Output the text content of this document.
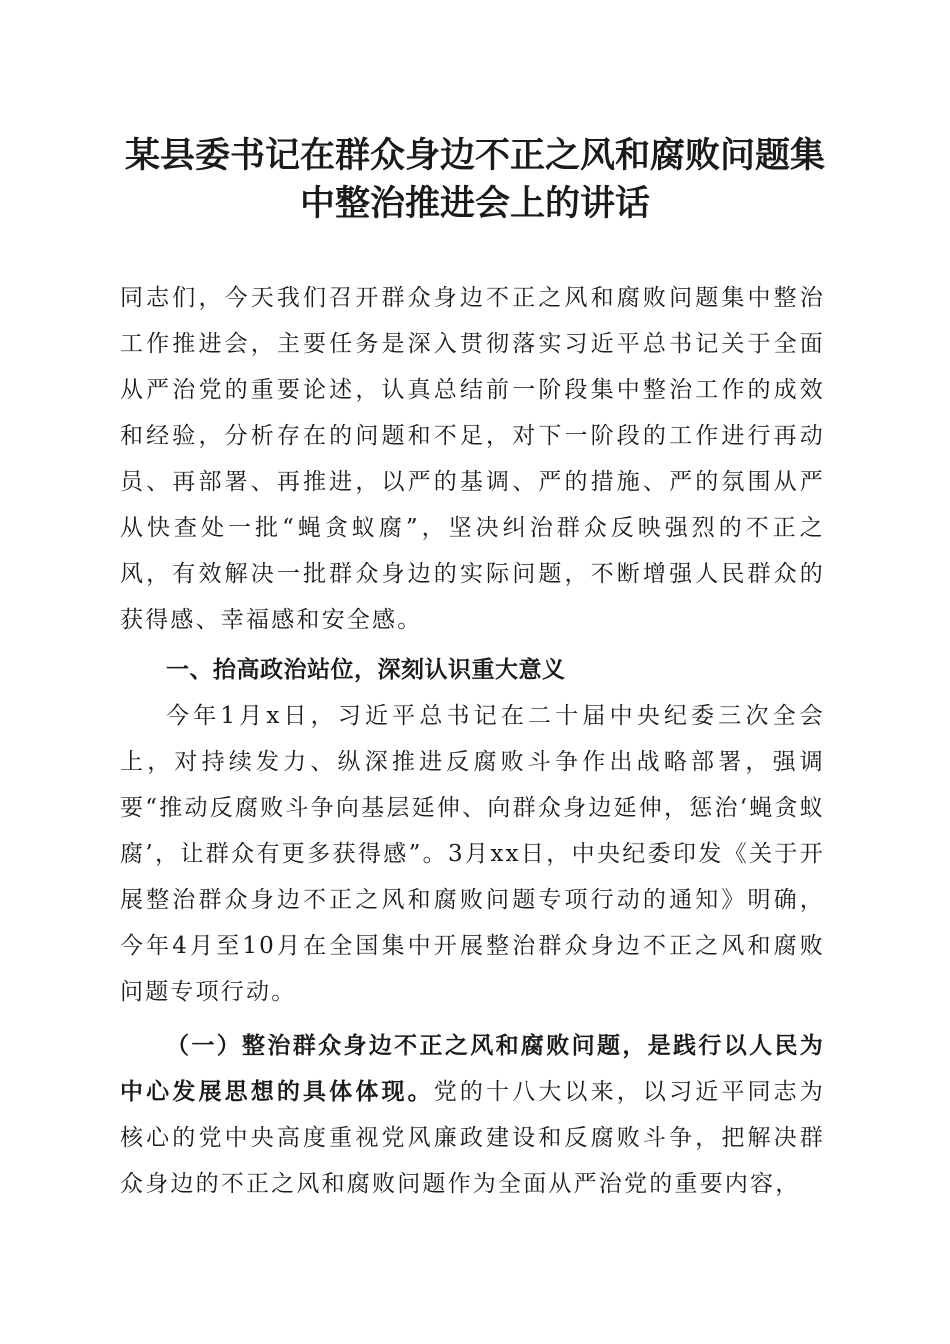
某县委书记在群众身边不正之风和腐败问题集
中整治推进会上的讲话

同志们，今天我们召开群众身边不正之风和腐败问题集中整治工作推进会，主要任务是深入贯彻落实习近平总书记关于全面从严治党的重要论述，认真总结前一阶段集中整治工作的成效和经验，分析存在的问题和不足，对下一阶段的工作进行再动员、再部署、再推进，以严的基调、严的措施、严的氛围从严从快查处一批“蝇贪蚁腐”，坚决纠治群众反映强烈的不正之风，有效解决一批群众身边的实际问题，不断增强人民群众的获得感、幸福感和安全感。

一、抬高政治站位，深刻认识重大意义

今年1月x日，习近平总书记在二十届中央纪委三次全会上，对持续发力、纵深推进反腐败斗争作出战略部署，强调要“推动反腐败斗争向基层延伸、向群众身边延伸，惩治‘蝇贪蚁腐’，让群众有更多获得感”。3月xx日，中央纪委印发《关于开展整治群众身边不正之风和腐败问题专项行动的通知》明确，今年4月至10月在全国集中开展整治群众身边不正之风和腐败问题专项行动。

（一）整治群众身边不正之风和腐败问题，是践行以人民为中心发展思想的具体体现。党的十八大以来，以习近平同志为核心的党中央高度重视党风廉政建设和反腐败斗争，把解决群众身边的不正之风和腐败问题作为全面从严治党的重要内容，
